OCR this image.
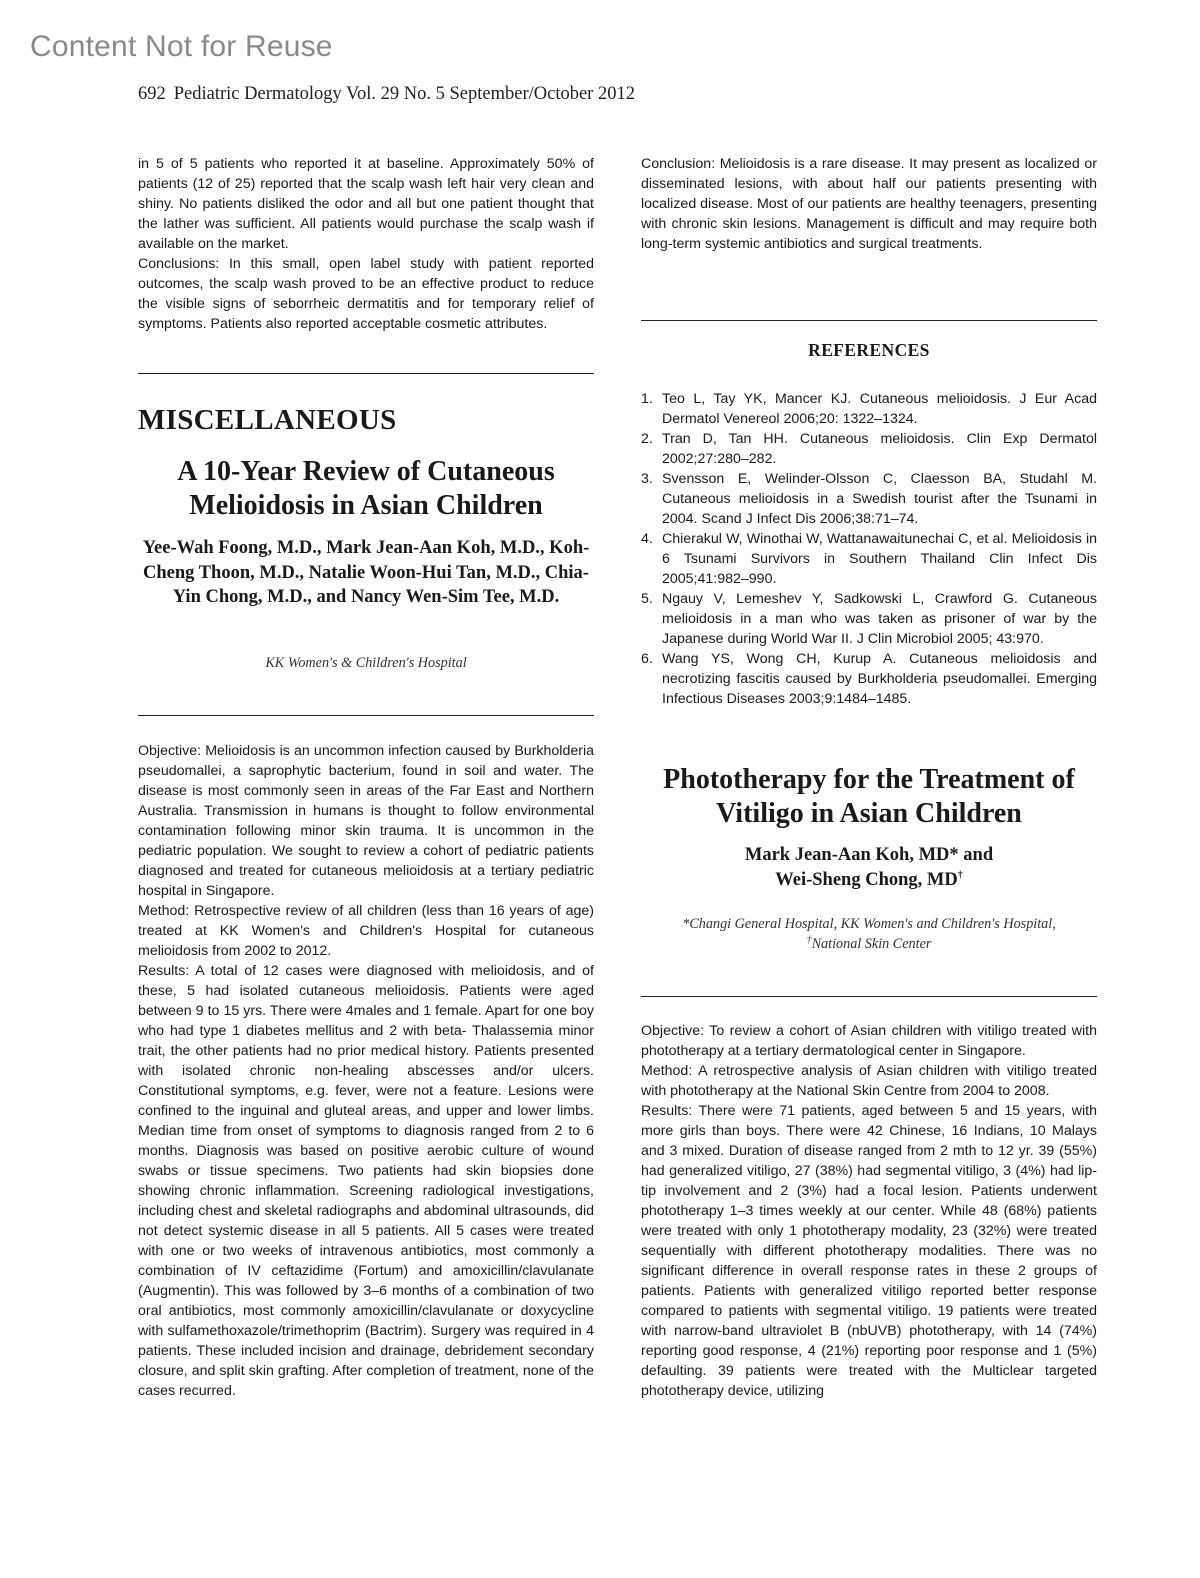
Content Not for Reuse
692 Pediatric Dermatology Vol. 29 No. 5 September/October 2012

in 5 of 5 patients who reported it at baseline. Approximately 50% of patients (12 of 25) reported that the scalp wash left hair very clean and shiny. No patients disliked the odor and all but one patient thought that the lather was sufficient. All patients would purchase the scalp wash if available on the market.

Conclusions: In this small, open label study with patient reported outcomes, the scalp wash proved to be an effective product to reduce the visible signs of seborrheic dermatitis and for temporary relief of symptoms. Patients also reported acceptable cosmetic attributes.

MISCELLANEOUS
A 10-Year Review of Cutaneous Melioidosis in Asian Children
Yee-Wah Foong, M.D., Mark Jean-Aan Koh, M.D., Koh-Cheng Thoon, M.D., Natalie Woon-Hui Tan, M.D., Chia-Yin Chong, M.D., and Nancy Wen-Sim Tee, M.D.
KK Women's & Children's Hospital

Objective: Melioidosis is an uncommon infection caused by Burkholderia pseudomallei, a saprophytic bacterium, found in soil and water. The disease is most commonly seen in areas of the Far East and Northern Australia. Transmission in humans is thought to follow environmental contamination following minor skin trauma. It is uncommon in the pediatric population. We sought to review a cohort of pediatric patients diagnosed and treated for cutaneous melioidosis at a tertiary pediatric hospital in Singapore.

Method: Retrospective review of all children (less than 16 years of age) treated at KK Women's and Children's Hospital for cutaneous melioidosis from 2002 to 2012.

Results: A total of 12 cases were diagnosed with melioidosis, and of these, 5 had isolated cutaneous melioidosis. Patients were aged between 9 to 15 yrs. There were 4males and 1 female. Apart for one boy who had type 1 diabetes mellitus and 2 with beta- Thalassemia minor trait, the other patients had no prior medical history. Patients presented with isolated chronic non-healing abscesses and/or ulcers. Constitutional symptoms, e.g. fever, were not a feature. Lesions were confined to the inguinal and gluteal areas, and upper and lower limbs. Median time from onset of symptoms to diagnosis ranged from 2 to 6 months. Diagnosis was based on positive aerobic culture of wound swabs or tissue specimens. Two patients had skin biopsies done showing chronic inflammation. Screening radiological investigations, including chest and skeletal radiographs and abdominal ultrasounds, did not detect systemic disease in all 5 patients. All 5 cases were treated with one or two weeks of intravenous antibiotics, most commonly a combination of IV ceftazidime (Fortum) and amoxicillin/clavulanate (Augmentin). This was followed by 3–6 months of a combination of two oral antibiotics, most commonly amoxicillin/clavulanate or doxycycline with sulfamethoxazole/trimethoprim (Bactrim). Surgery was required in 4 patients. These included incision and drainage, debridement secondary closure, and split skin grafting. After completion of treatment, none of the cases recurred.

Conclusion: Melioidosis is a rare disease. It may present as localized or disseminated lesions, with about half our patients presenting with localized disease. Most of our patients are healthy teenagers, presenting with chronic skin lesions. Management is difficult and may require both long-term systemic antibiotics and surgical treatments.

REFERENCES
1. Teo L, Tay YK, Mancer KJ. Cutaneous melioidosis. J Eur Acad Dermatol Venereol 2006;20: 1322–1324.
2. Tran D, Tan HH. Cutaneous melioidosis. Clin Exp Dermatol 2002;27:280–282.
3. Svensson E, Welinder-Olsson C, Claesson BA, Studahl M. Cutaneous melioidosis in a Swedish tourist after the Tsunami in 2004. Scand J Infect Dis 2006;38:71–74.
4. Chierakul W, Winothai W, Wattanawaitunechai C, et al. Melioidosis in 6 Tsunami Survivors in Southern Thailand Clin Infect Dis 2005;41:982–990.
5. Ngauy V, Lemeshev Y, Sadkowski L, Crawford G. Cutaneous melioidosis in a man who was taken as prisoner of war by the Japanese during World War II. J Clin Microbiol 2005; 43:970.
6. Wang YS, Wong CH, Kurup A. Cutaneous melioidosis and necrotizing fascitis caused by Burkholderia pseudomallei. Emerging Infectious Diseases 2003;9:1484–1485.
Phototherapy for the Treatment of Vitiligo in Asian Children
Mark Jean-Aan Koh, MD* and
Wei-Sheng Chong, MD†
*Changi General Hospital, KK Women's and Children's Hospital,
†National Skin Center

Objective: To review a cohort of Asian children with vitiligo treated with phototherapy at a tertiary dermatological center in Singapore.

Method: A retrospective analysis of Asian children with vitiligo treated with phototherapy at the National Skin Centre from 2004 to 2008.

Results: There were 71 patients, aged between 5 and 15 years, with more girls than boys. There were 42 Chinese, 16 Indians, 10 Malays and 3 mixed. Duration of disease ranged from 2 mth to 12 yr. 39 (55%) had generalized vitiligo, 27 (38%) had segmental vitiligo, 3 (4%) had lip-tip involvement and 2 (3%) had a focal lesion. Patients underwent phototherapy 1–3 times weekly at our center. While 48 (68%) patients were treated with only 1 phototherapy modality, 23 (32%) were treated sequentially with different phototherapy modalities. There was no significant difference in overall response rates in these 2 groups of patients. Patients with generalized vitiligo reported better response compared to patients with segmental vitiligo. 19 patients were treated with narrow-band ultraviolet B (nbUVB) phototherapy, with 14 (74%) reporting good response, 4 (21%) reporting poor response and 1 (5%) defaulting. 39 patients were treated with the Multiclear targeted phototherapy device, utilizing
